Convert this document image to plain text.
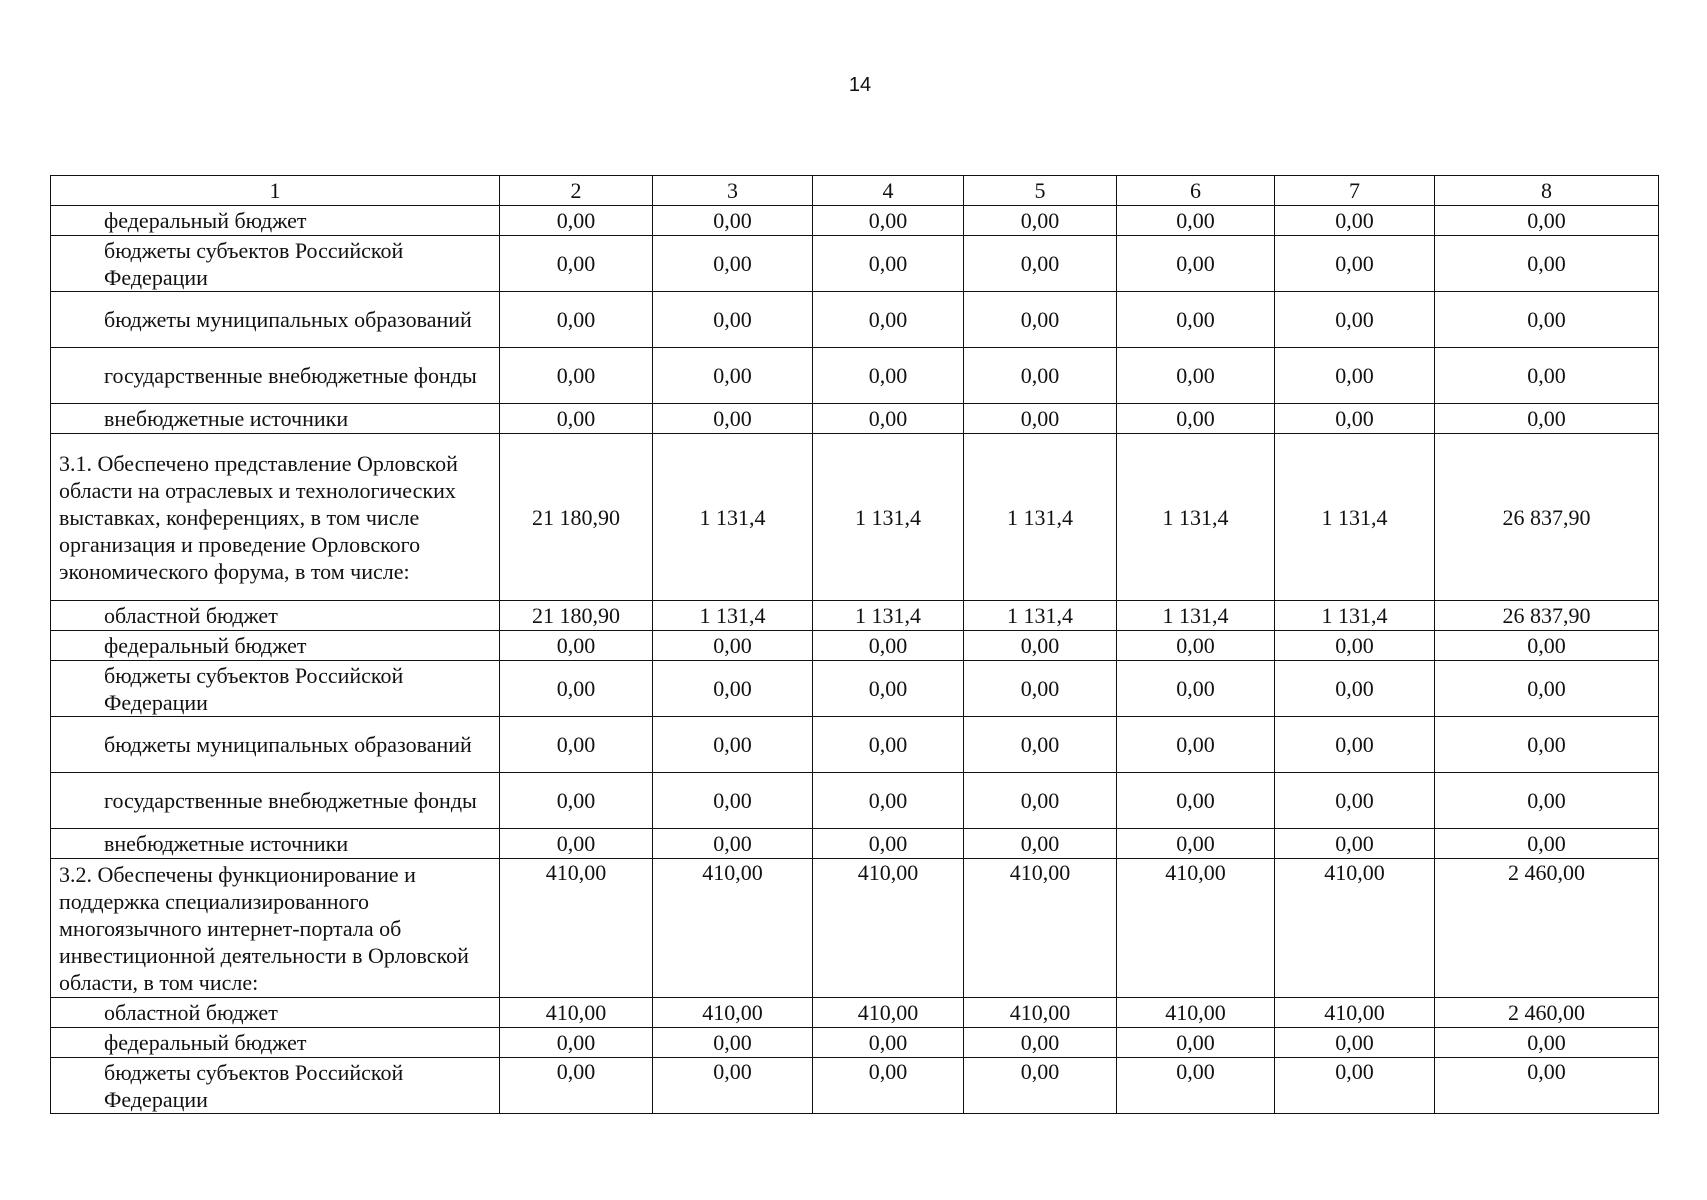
14
1	2	3	4	5	6	7	8
федеральный бюджет	0,00	0,00	0,00	0,00	0,00	0,00	0,00
бюджеты субъектов Российской Федерации	0,00	0,00	0,00	0,00	0,00	0,00	0,00
бюджеты муниципальных образований	0,00	0,00	0,00	0,00	0,00	0,00	0,00
государственные внебюджетные фонды	0,00	0,00	0,00	0,00	0,00	0,00	0,00
внебюджетные источники	0,00	0,00	0,00	0,00	0,00	0,00	0,00
3.1. Обеспечено представление Орловской области на отраслевых и технологических выставках, конференциях, в том числе организация и проведение Орловского экономического форума, в том числе:	21 180,90	1 131,4	1 131,4	1 131,4	1 131,4	1 131,4	26 837,90
областной бюджет	21 180,90	1 131,4	1 131,4	1 131,4	1 131,4	1 131,4	26 837,90
федеральный бюджет	0,00	0,00	0,00	0,00	0,00	0,00	0,00
бюджеты субъектов Российской Федерации	0,00	0,00	0,00	0,00	0,00	0,00	0,00
бюджеты муниципальных образований	0,00	0,00	0,00	0,00	0,00	0,00	0,00
государственные внебюджетные фонды	0,00	0,00	0,00	0,00	0,00	0,00	0,00
внебюджетные источники	0,00	0,00	0,00	0,00	0,00	0,00	0,00
3.2. Обеспечены функционирование и поддержка специализированного многоязычного интернет-портала об инвестиционной деятельности в Орловской области, в том числе:	410,00	410,00	410,00	410,00	410,00	410,00	2 460,00
областной бюджет	410,00	410,00	410,00	410,00	410,00	410,00	2 460,00
федеральный бюджет	0,00	0,00	0,00	0,00	0,00	0,00	0,00
бюджеты субъектов Российской Федерации	0,00	0,00	0,00	0,00	0,00	0,00	0,00
